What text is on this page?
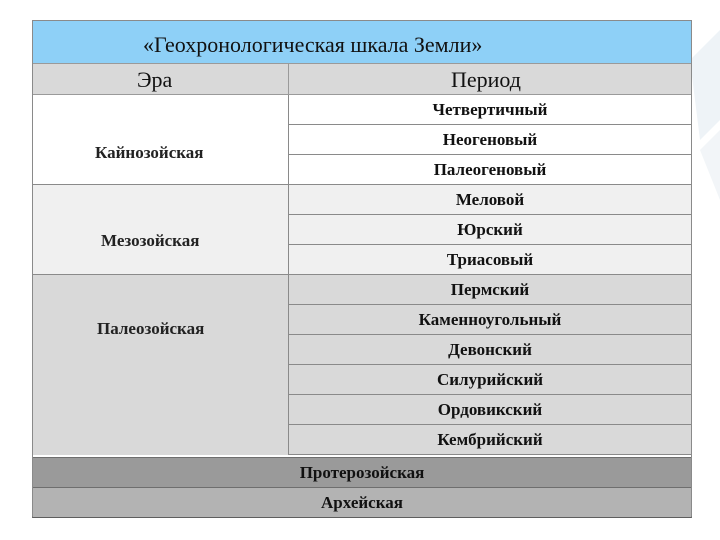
«Геохронологическая шкала Земли»
Эра	Период
Кайнозойская
Четвертичный
Неогеновый
Палеогеновый
Мезозойская
Меловой
Юрский
Триасовый
Палеозойская
Пермский
Каменноугольный
Девонский
Силурийский
Ордовикский
Кембрийский
Протерозойская
Архейская
